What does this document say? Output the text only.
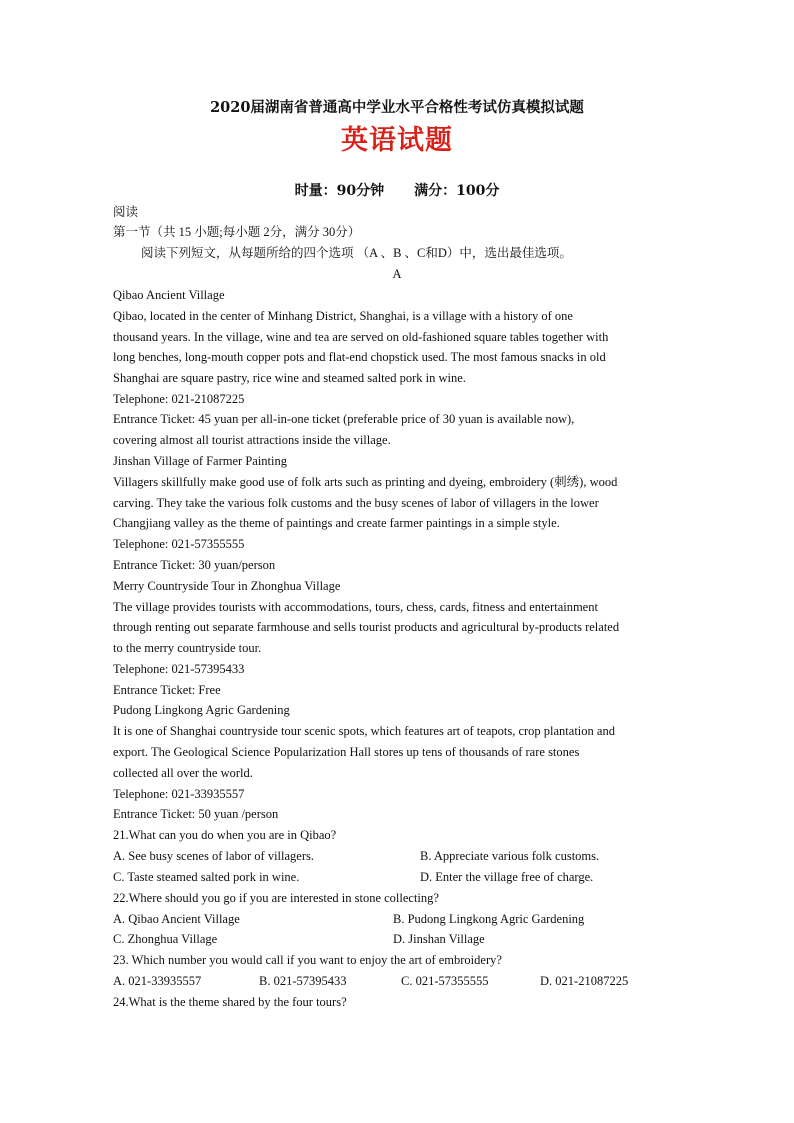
2020届湖南省普通高中学业水平合格性考试仿真模拟试题
英语试题
时量：90分钟 满分：100分
阅读
第一节（共 15 小题;每小题 2分，满分 30分）
阅读下列短文，从每题所给的四个选项 （A 、B 、C和D）中，选出最佳选项。
A
Qibao Ancient Village
Qibao, located in the center of Minhang District, Shanghai, is a village with a history of one
thousand years. In the village, wine and tea are served on old-fashioned square tables together with
long benches, long-mouth copper pots and flat-end chopstick used. The most famous snacks in old
Shanghai are square pastry, rice wine and steamed salted pork in wine.
Telephone: 021-21087225
Entrance Ticket: 45 yuan per all-in-one ticket (preferable price of 30 yuan is available now),
covering almost all tourist attractions inside the village.
Jinshan Village of Farmer Painting
Villagers skillfully make good use of folk arts such as printing and dyeing, embroidery (刺绣), wood
carving. They take the various folk customs and the busy scenes of labor of villagers in the lower
Changjiang valley as the theme of paintings and create farmer paintings in a simple style.
Telephone: 021-57355555
Entrance Ticket: 30 yuan/person
Merry Countryside Tour in Zhonghua Village
The village provides tourists with accommodations, tours, chess, cards, fitness and entertainment
through renting out separate farmhouse and sells tourist products and agricultural by-products related
to the merry countryside tour.
Telephone: 021-57395433
Entrance Ticket: Free
Pudong Lingkong Agric Gardening
It is one of Shanghai countryside tour scenic spots, which features art of teapots, crop plantation and
export. The Geological Science Popularization Hall stores up tens of thousands of rare stones
collected all over the world.
Telephone: 021-33935557
Entrance Ticket: 50 yuan /person
21.What can you do when you are in Qibao?
A. See busy scenes of labor of villagers.	B. Appreciate various folk customs.
C. Taste steamed salted pork in wine.	D. Enter the village free of charge.
22.Where should you go if you are interested in stone collecting?
A. Qibao Ancient Village	B. Pudong Lingkong Agric Gardening
C. Zhonghua Village	D. Jinshan Village
23. Which number you would call if you want to enjoy the art of embroidery?
A. 021-33935557	B. 021-57395433	C. 021-57355555	D. 021-21087225
24.What is the theme shared by the four tours?
